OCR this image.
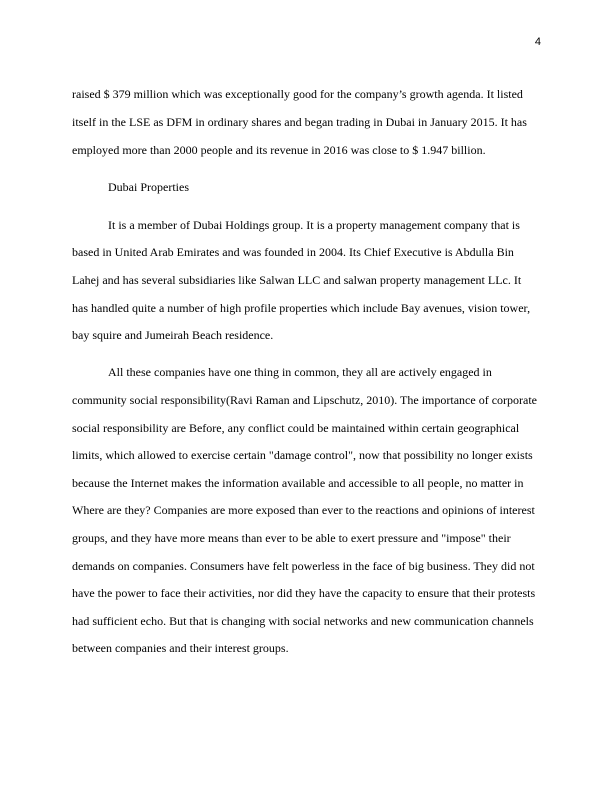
4
raised $ 379 million which was exceptionally good for the company’s growth agenda. It listed
itself in the LSE as DFM in ordinary shares and began trading in Dubai in January 2015. It has
employed more than 2000 people and its revenue in 2016 was close to $ 1.947 billion.
Dubai Properties
It is a member of Dubai Holdings group. It is a property management company that is
based in United Arab Emirates and was founded in 2004. Its Chief Executive is Abdulla Bin
Lahej and has several subsidiaries like Salwan LLC and salwan property management LLc. It
has handled quite a number of high profile properties which include Bay avenues, vision tower,
bay squire and Jumeirah Beach residence.
All these companies have one thing in common, they all are actively engaged in
community social responsibility(Ravi Raman and Lipschutz, 2010). The importance of corporate
social responsibility are Before, any conflict could be maintained within certain geographical
limits, which allowed to exercise certain "damage control", now that possibility no longer exists
because the Internet makes the information available and accessible to all people, no matter in
Where are they? Companies are more exposed than ever to the reactions and opinions of interest
groups, and they have more means than ever to be able to exert pressure and "impose" their
demands on companies. Consumers have felt powerless in the face of big business. They did not
have the power to face their activities, nor did they have the capacity to ensure that their protests
had sufficient echo. But that is changing with social networks and new communication channels
between companies and their interest groups.
